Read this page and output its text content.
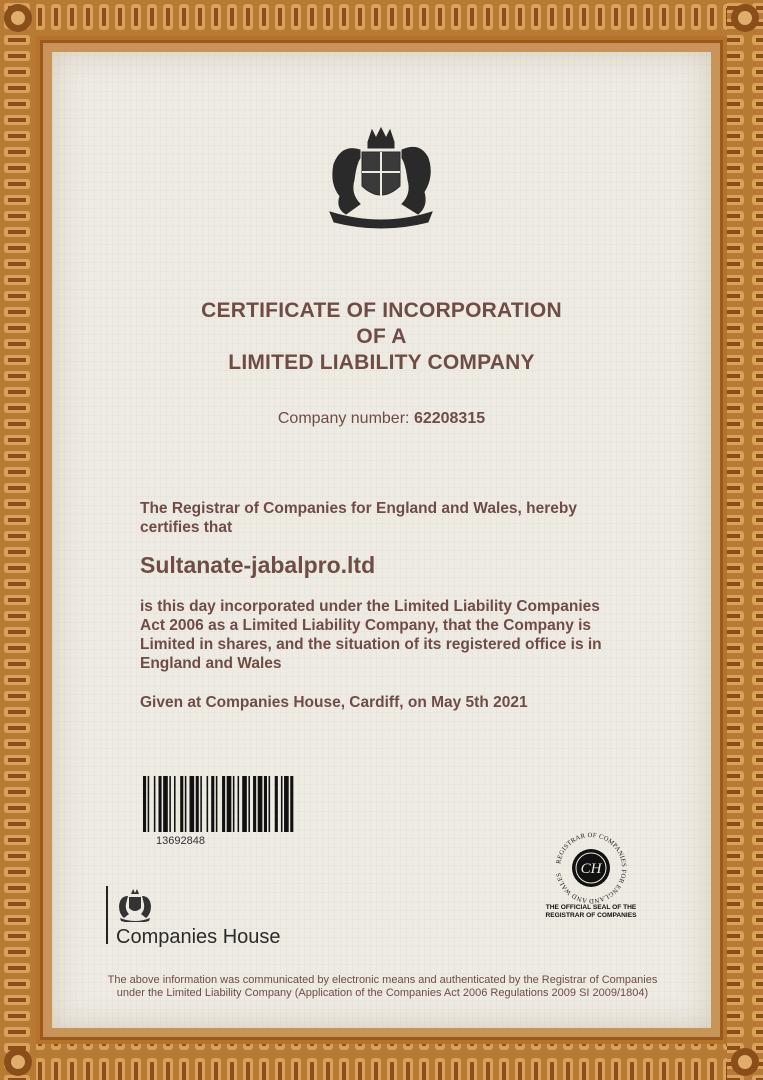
CERTIFICATE OF INCORPORATION
OF A
LIMITED LIABILITY COMPANY
Company number: 62208315
The Registrar of Companies for England and Wales, hereby certifies that
Sultanate-jabalpro.ltd
is this day incorporated under the Limited Liability Companies Act 2006 as a Limited Liability Company, that the Company is Limited in shares, and the situation of its registered office is in England and Wales
Given at Companies House, Cardiff, on May 5th 2021
13692848
Companies House
REGISTRAR OF COMPANIES FOR ENGLAND AND WALES	CH
THE OFFICIAL SEAL OF THE
REGISTRAR OF COMPANIES
The above information was communicated by electronic means and authenticated by the Registrar of Companies under the Limited Liability Company (Application of the Companies Act 2006 Regulations 2009 SI 2009/1804)
